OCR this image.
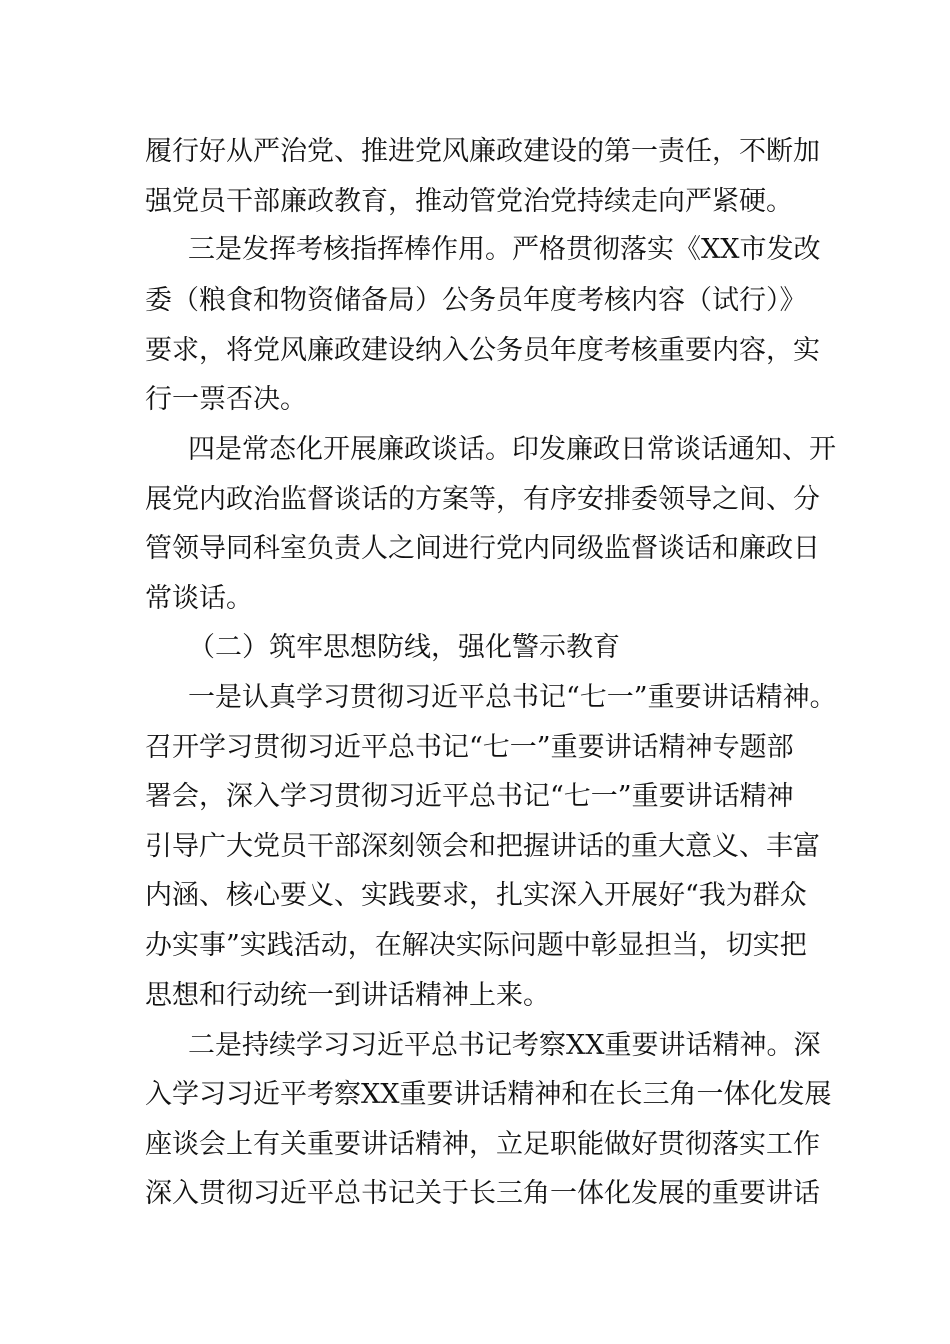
履行好从严治党、推进党风廉政建设的第一责任，不断加

强党员干部廉政教育，推动管党治党持续走向严紧硬。

三是发挥考核指挥棒作用。严格贯彻落实《XX市发改

委（粮食和物资储备局）公务员年度考核内容（试行）》

要求，将党风廉政建设纳入公务员年度考核重要内容，实

行一票否决。

四是常态化开展廉政谈话。印发廉政日常谈话通知、开

展党内政治监督谈话的方案等，有序安排委领导之间、分

管领导同科室负责人之间进行党内同级监督谈话和廉政日

常谈话。

（二）筑牢思想防线，强化警示教育

一是认真学习贯彻习近平总书记“七一”重要讲话精神。

召开学习贯彻习近平总书记“七一”重要讲话精神专题部

署会，深入学习贯彻习近平总书记“七一”重要讲话精神

引导广大党员干部深刻领会和把握讲话的重大意义、丰富

内涵、核心要义、实践要求，扎实深入开展好“我为群众

办实事”实践活动，在解决实际问题中彰显担当，切实把

思想和行动统一到讲话精神上来。

二是持续学习习近平总书记考察XX重要讲话精神。深

入学习习近平考察XX重要讲话精神和在长三角一体化发展

座谈会上有关重要讲话精神，立足职能做好贯彻落实工作

深入贯彻习近平总书记关于长三角一体化发展的重要讲话
